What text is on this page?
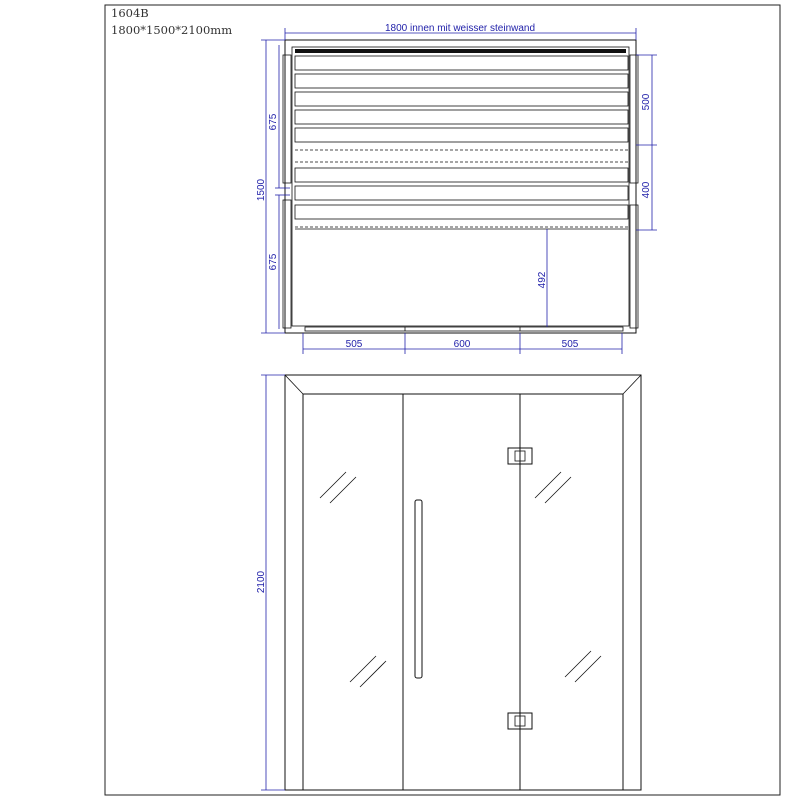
1800 innen mit weisser steinwand
1500
675
675
500
400
492
505	600	505
2100
1604B
1800*1500*2100mm
